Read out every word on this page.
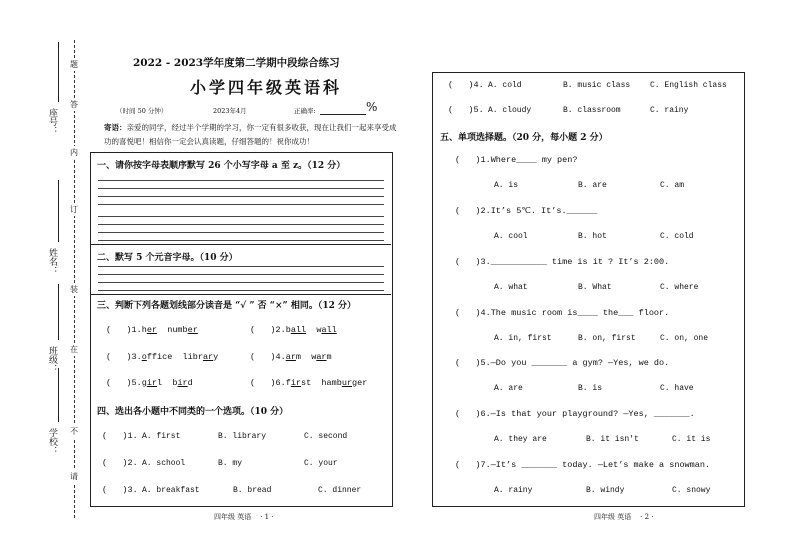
题
答
内
订
装
在
不
请
座号：
姓名：
班级：
学校：
2022 - 2023学年度第二学期中段综合练习
小学四年级英语科
（时间 50 分钟）	2023年4月	正确率:	%
寄语：亲爱的同学，经过半个学期的学习，你一定有很多收获，现在让我们一起来享受成功的喜悦吧！相信你一定会认真读题，仔细答题的！祝你成功！
一、请你按字母表顺序默写 26 个小写字母 a 至 z。（12 分）
二、默写 5 个元音字母。（10 分）
三、判断下列各题划线部分读音是 “√ ” 否 “×” 相同。（12 分）
(   )1.her  number	(   )2.ball  wall
(   )3.office  library	(   )4.arm  warm
(   )5.girl  bird	(   )6.first  hamburger
四、选出各小题中不同类的一个选项。（10 分）
(   )1. A. first	B. library	C. second
(   )2. A. school	B. my	C. your
(   )3. A. breakfast	B. bread	C. dinner
(   )4. A. cold	B. music class C. English class
(   )5. A. cloudy	B. classroom	C. rainy
五、单项选择题。（20 分，每小题 2 分）
(   )1.Where____ my pen?
A. is	B. are	C. am
(   )2.It’s 5℃. It’s.______
A. cool	B. hot	C. cold
(   )3.___________ time is it ? It’s 2:00.
A. what	B. What	C. where
(   )4.The music room is____ the___ floor.
A. in, first	B. on, first	C. on, one
(   )5.—Do you _______ a gym? —Yes, we do.
A. are	B. is	C. have
(   )6.—Is that your playground? —Yes, _______.
A. they are	B. it isn't	C. it is
(   )7.—It’s _______ today. —Let’s make a snowman.
A. rainy	B. windy	C. snowy
四年级 英语 · 1 ·	四年级 英语 · 2 ·
